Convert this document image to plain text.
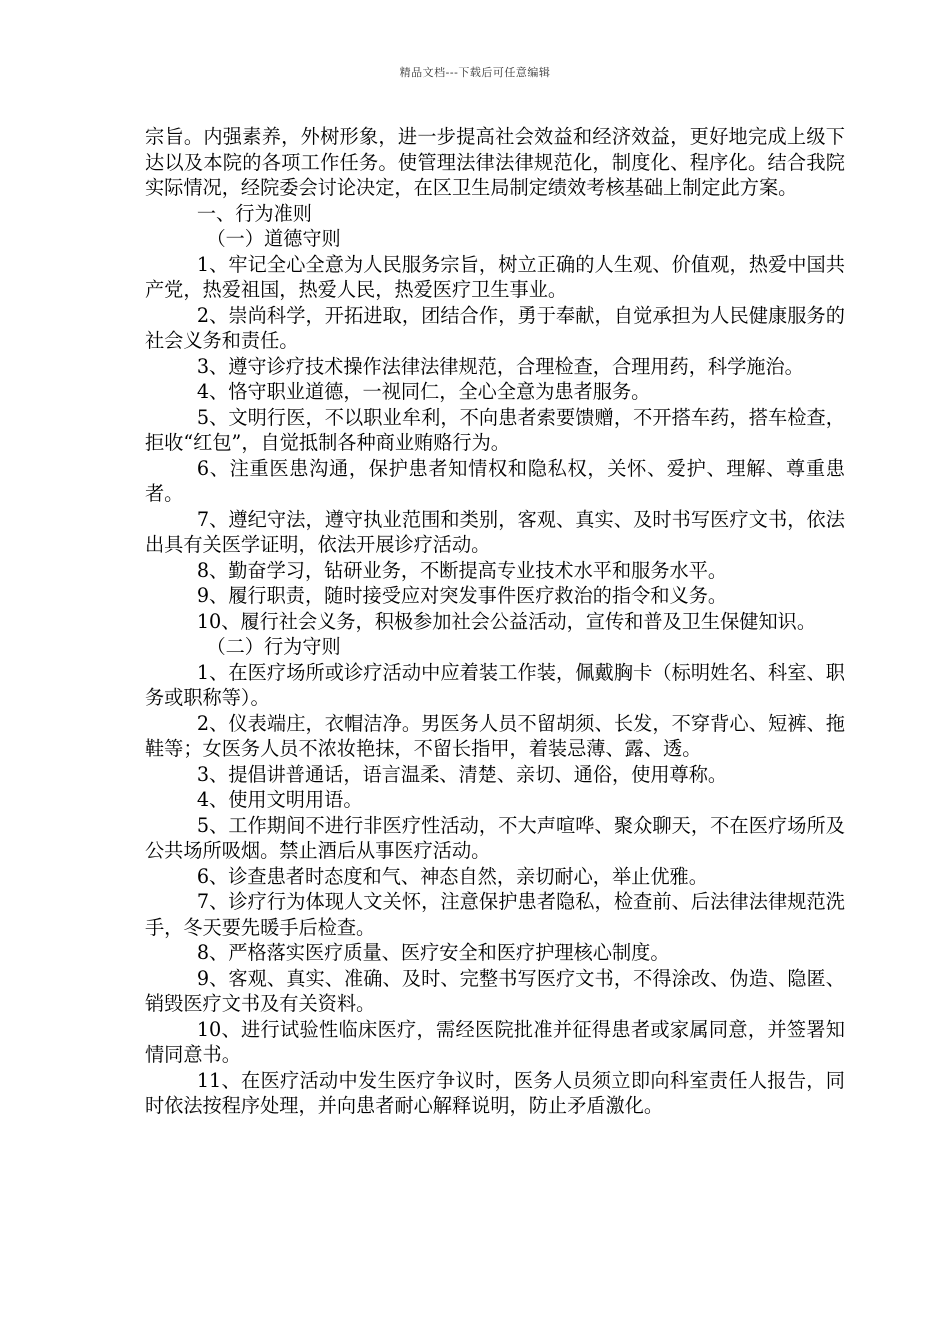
精品文档---下载后可任意编辑

宗旨。内强素养，外树形象，进一步提高社会效益和经济效益，更好地完成上级下达以及本院的各项工作任务。使管理法律法律规范化，制度化、程序化。结合我院实际情况，经院委会讨论决定，在区卫生局制定绩效考核基础上制定此方案。

一、行为准则

（一）道德守则

1、牢记全心全意为人民服务宗旨，树立正确的人生观、价值观，热爱中国共产党，热爱祖国，热爱人民，热爱医疗卫生事业。

2、崇尚科学，开拓进取，团结合作，勇于奉献，自觉承担为人民健康服务的社会义务和责任。

3、遵守诊疗技术操作法律法律规范，合理检查，合理用药，科学施治。

4、恪守职业道德，一视同仁，全心全意为患者服务。

5、文明行医，不以职业牟利，不向患者索要馈赠，不开搭车药，搭车检查，拒收“红包”，自觉抵制各种商业贿赂行为。

6、注重医患沟通，保护患者知情权和隐私权，关怀、爱护、理解、尊重患者。

7、遵纪守法，遵守执业范围和类别，客观、真实、及时书写医疗文书，依法出具有关医学证明，依法开展诊疗活动。

8、勤奋学习，钻研业务，不断提高专业技术水平和服务水平。

9、履行职责，随时接受应对突发事件医疗救治的指令和义务。

10、履行社会义务，积极参加社会公益活动，宣传和普及卫生保健知识。

（二）行为守则

1、在医疗场所或诊疗活动中应着装工作装，佩戴胸卡（标明姓名、科室、职务或职称等）。

2、仪表端庄，衣帽洁净。男医务人员不留胡须、长发，不穿背心、短裤、拖鞋等；女医务人员不浓妆艳抹，不留长指甲，着装忌薄、露、透。

3、提倡讲普通话，语言温柔、清楚、亲切、通俗，使用尊称。

4、使用文明用语。

5、工作期间不进行非医疗性活动，不大声喧哗、聚众聊天，不在医疗场所及公共场所吸烟。禁止酒后从事医疗活动。

6、诊查患者时态度和气、神态自然，亲切耐心，举止优雅。

7、诊疗行为体现人文关怀，注意保护患者隐私，检查前、后法律法律规范洗手，冬天要先暖手后检查。

8、严格落实医疗质量、医疗安全和医疗护理核心制度。

9、客观、真实、准确、及时、完整书写医疗文书，不得涂改、伪造、隐匿、销毁医疗文书及有关资料。

10、进行试验性临床医疗，需经医院批准并征得患者或家属同意，并签署知情同意书。

11、在医疗活动中发生医疗争议时，医务人员须立即向科室责任人报告，同时依法按程序处理，并向患者耐心解释说明，防止矛盾激化。
